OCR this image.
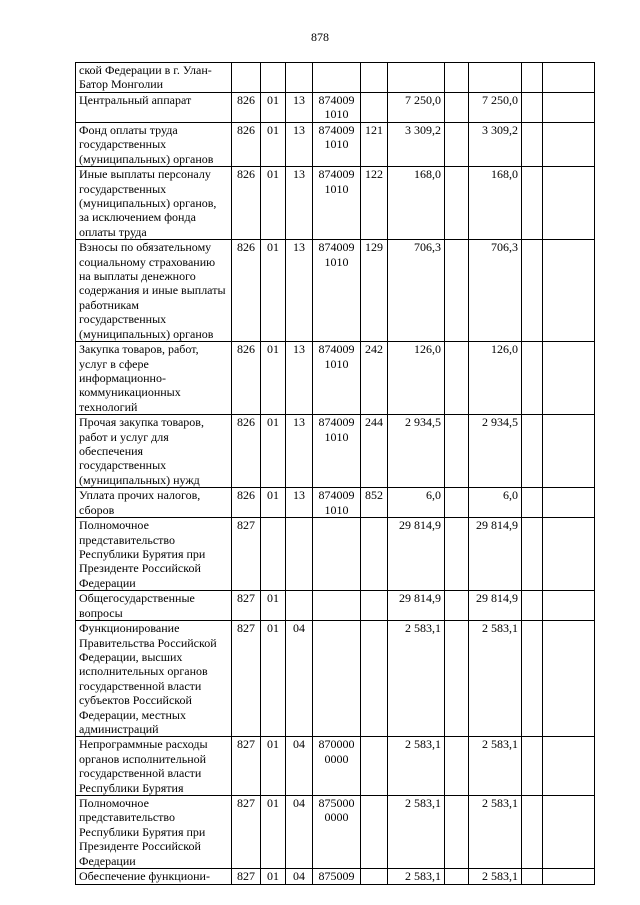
878
ской Федерации в г. Улан-Батор Монголии										
Центральный аппарат	826	01	13	874009 1010		7 250,0		7 250,0		
Фонд оплаты труда государственных (муниципальных) органов	826	01	13	874009 1010	121	3 309,2		3 309,2		
Иные выплаты персоналу государственных (муниципальных) органов, за исключением фонда оплаты труда	826	01	13	874009 1010	122	168,0		168,0		
Взносы по обязательному социальному страхованию на выплаты денежного содержания и иные выплаты работникам государственных (муниципальных) органов	826	01	13	874009 1010	129	706,3		706,3		
Закупка товаров, работ, услуг в сфере информационно-коммуникационных технологий	826	01	13	874009 1010	242	126,0		126,0		
Прочая закупка товаров, работ и услуг для обеспечения государственных (муниципальных) нужд	826	01	13	874009 1010	244	2 934,5		2 934,5		
Уплата прочих налогов, сборов	826	01	13	874009 1010	852	6,0		6,0		
Полномочное представительство Республики Бурятия при Президенте Российской Федерации	827					29 814,9		29 814,9		
Общегосударственные вопросы	827	01				29 814,9		29 814,9		
Функционирование Правительства Российской Федерации, высших исполнительных органов государственной власти субъектов Российской Федерации, местных администраций	827	01	04			2 583,1		2 583,1		
Непрограммные расходы органов исполнительной государственной власти Республики Бурятия	827	01	04	870000 0000		2 583,1		2 583,1		
Полномочное представительство Республики Бурятия при Президенте Российской Федерации	827	01	04	875000 0000		2 583,1		2 583,1		
Обеспечение функциони-	827	01	04	875009		2 583,1		2 583,1		
